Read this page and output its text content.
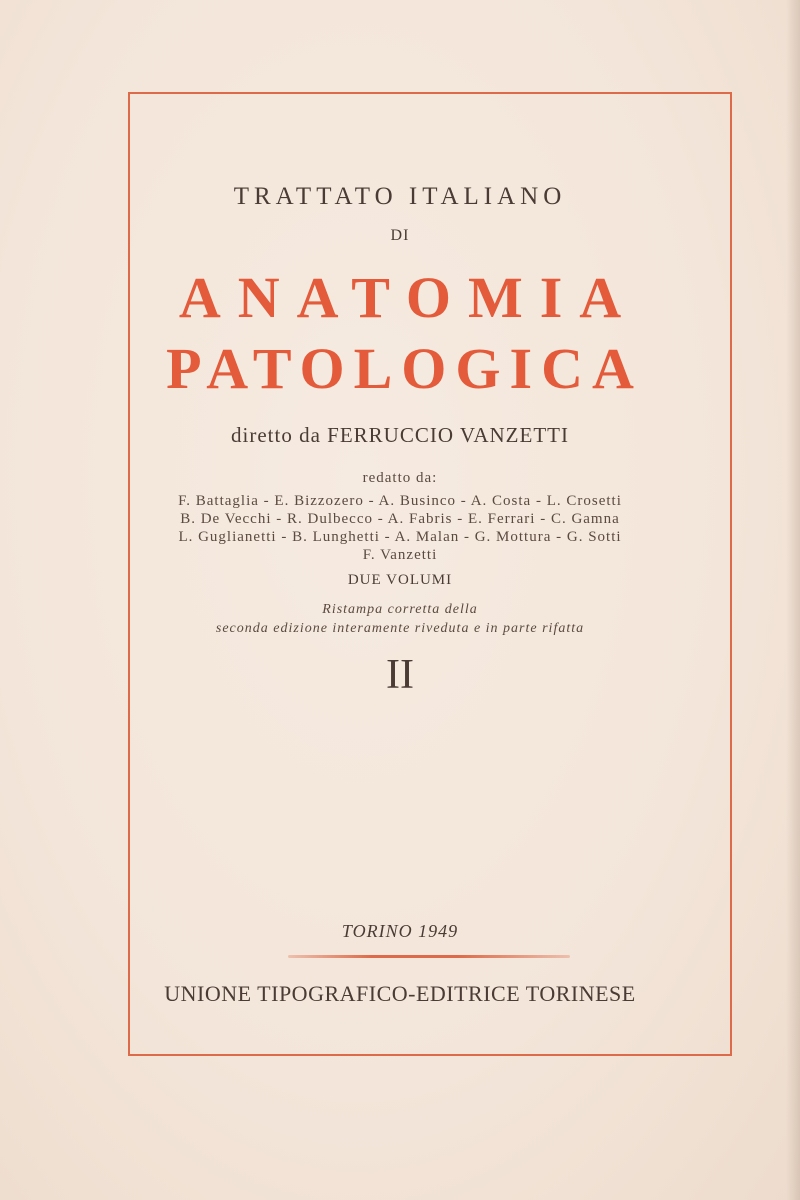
TRATTATO ITALIANO
DI
ANATOMIA
PATOLOGICA
diretto da FERRUCCIO VANZETTI
redatto da:
F. Battaglia - E. Bizzozero - A. Businco - A. Costa - L. Crosetti
B. De Vecchi - R. Dulbecco - A. Fabris - E. Ferrari - C. Gamna
L. Guglianetti - B. Lunghetti - A. Malan - G. Mottura - G. Sotti
F. Vanzetti
DUE VOLUMI
Ristampa corretta della
seconda edizione interamente riveduta e in parte rifatta
II
TORINO 1949
UNIONE TIPOGRAFICO-EDITRICE TORINESE
